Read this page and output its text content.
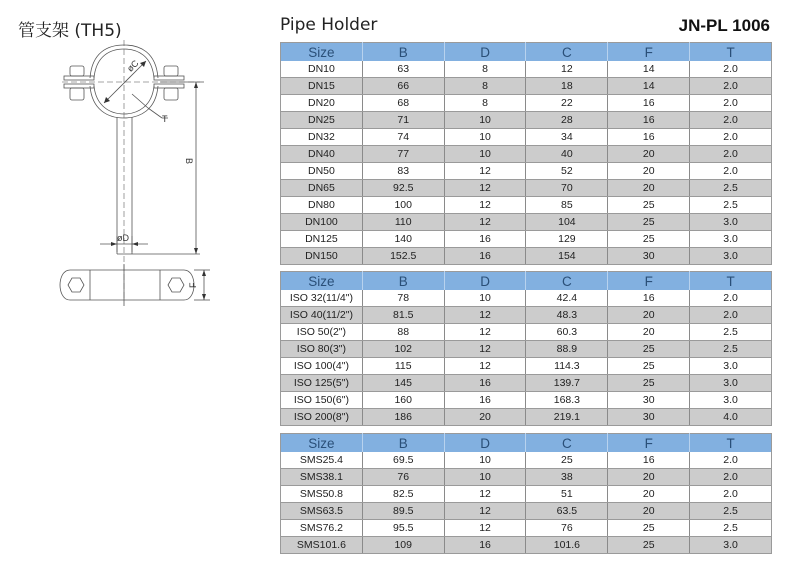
管支架 (TH5)	Pipe Holder	JN-PL 1006
øC
T
B
øD
F
Size	B	D	C	F	T
DN10	63	8	12	14	2.0
DN15	66	8	18	14	2.0
DN20	68	8	22	16	2.0
DN25	71	10	28	16	2.0
DN32	74	10	34	16	2.0
DN40	77	10	40	20	2.0
DN50	83	12	52	20	2.0
DN65	92.5	12	70	20	2.5
DN80	100	12	85	25	2.5
DN100	110	12	104	25	3.0
DN125	140	16	129	25	3.0
DN150	152.5	16	154	30	3.0
Size	B	D	C	F	T
ISO 32(11/4")	78	10	42.4	16	2.0
ISO 40(11/2")	81.5	12	48.3	20	2.0
ISO 50(2")	88	12	60.3	20	2.5
ISO 80(3")	102	12	88.9	25	2.5
ISO 100(4")	115	12	114.3	25	3.0
ISO 125(5")	145	16	139.7	25	3.0
ISO 150(6")	160	16	168.3	30	3.0
ISO 200(8")	186	20	219.1	30	4.0
Size	B	D	C	F	T
SMS25.4	69.5	10	25	16	2.0
SMS38.1	76	10	38	20	2.0
SMS50.8	82.5	12	51	20	2.0
SMS63.5	89.5	12	63.5	20	2.5
SMS76.2	95.5	12	76	25	2.5
SMS101.6	109	16	101.6	25	3.0
